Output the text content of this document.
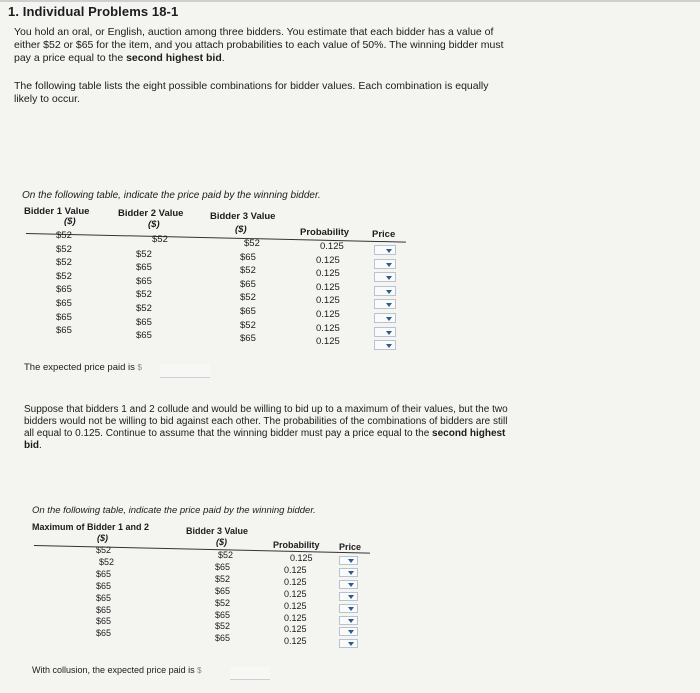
1. Individual Problems 18-1
You hold an oral, or English, auction among three bidders. You estimate that each bidder has a value of either $52 or $65 for the item, and you attach probabilities to each value of 50%. The winning bidder must pay a price equal to the second highest bid.
The following table lists the eight possible combinations for bidder values. Each combination is equally likely to occur.
On the following table, indicate the price paid by the winning bidder.
Bidder 1 Value	Bidder 2 Value	Bidder 3 Value
($)	($)	($)	Probability Price
$52	$52	$52	0.125
$52	$52	$65	0.125
$52	$65	$52	0.125
$52	$65	$65	0.125
$65	$52	$52	0.125
$65	$52	$65	0.125
$65	$65	$52	0.125
$65	$65	$65	0.125
The expected price paid is $
Suppose that bidders 1 and 2 collude and would be willing to bid up to a maximum of their values, but the two bidders would not be willing to bid against each other. The probabilities of the combinations of bidders are still all equal to 0.125. Continue to assume that the winning bidder must pay a price equal to the second highest bid.
On the following table, indicate the price paid by the winning bidder.
Maximum of Bidder 1 and 2	Bidder 3 Value
($)	($)	Probability Price
$52	$52	0.125
$52	$65	0.125
$65	$52	0.125
$65	$65	0.125
$65	$52	0.125
$65	$65	0.125
$65	$52	0.125
$65	$65	0.125
With collusion, the expected price paid is $
